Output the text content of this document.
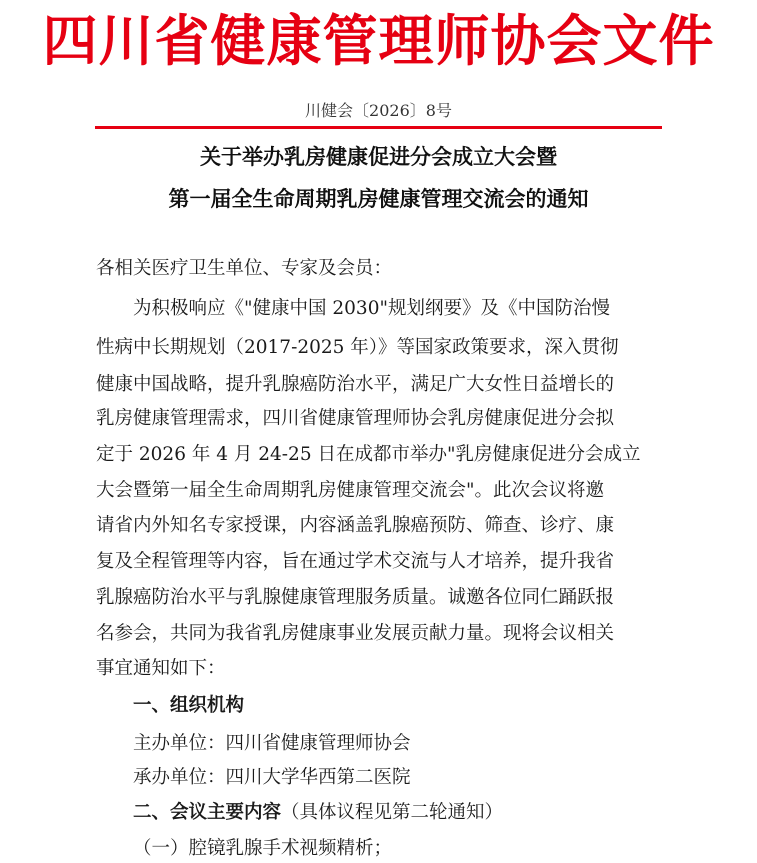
四川省健康管理师协会文件
川健会〔2026〕8号
关于举办乳房健康促进分会成立大会暨
第一届全生命周期乳房健康管理交流会的通知
各相关医疗卫生单位、专家及会员：
为积极响应《"健康中国 2030"规划纲要》及《中国防治慢
性病中长期规划（2017-2025 年）》等国家政策要求，深入贯彻
健康中国战略，提升乳腺癌防治水平，满足广大女性日益增长的
乳房健康管理需求，四川省健康管理师协会乳房健康促进分会拟
定于 2026 年 4 月 24-25 日在成都市举办"乳房健康促进分会成立
大会暨第一届全生命周期乳房健康管理交流会"。此次会议将邀
请省内外知名专家授课，内容涵盖乳腺癌预防、筛查、诊疗、康
复及全程管理等内容，旨在通过学术交流与人才培养，提升我省
乳腺癌防治水平与乳腺健康管理服务质量。诚邀各位同仁踊跃报
名参会，共同为我省乳房健康事业发展贡献力量。现将会议相关
事宜通知如下：
一、组织机构
主办单位：四川省健康管理师协会
承办单位：四川大学华西第二医院
二、会议主要内容（具体议程见第二轮通知）
（一）腔镜乳腺手术视频精析；
